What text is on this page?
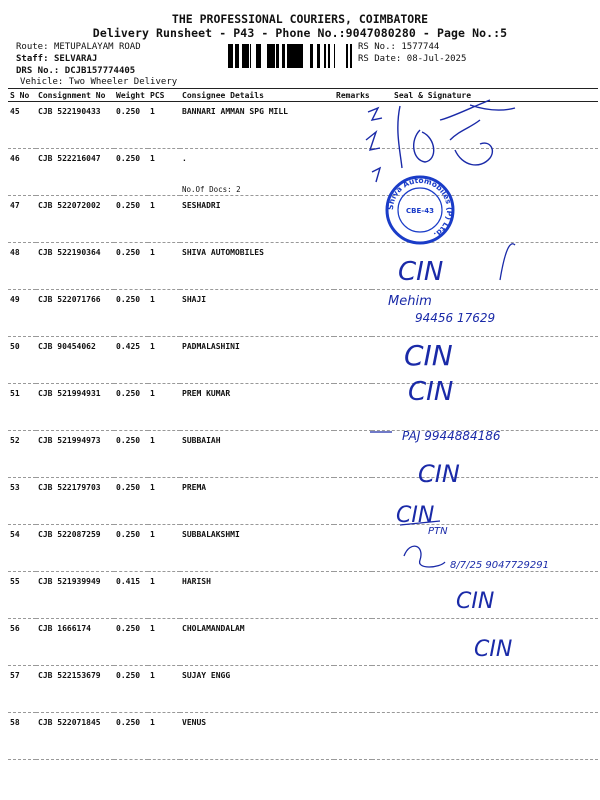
THE PROFESSIONAL COURIERS, COIMBATORE
Delivery Runsheet - P43 - Phone No.:9047080280 - Page No.:5
Route: METUPALAYAM ROAD
Staff: SELVARAJ
DRS No.: DCJB157774405
Vehicle: Two Wheeler Delivery
RS No.: 1577744
RS Date: 08-Jul-2025
S No	Consignment No	Weight	PCS	Consignee Details	Remarks	Seal & Signature
45	CJB 522190433	0.250	1	BANNARI AMMAN SPG MILL		
46	CJB 522216047	0.250	1	.
No.Of Docs: 2		

47	CJB 522072002	0.250	1	SESHADRI		
48	CJB 522190364	0.250	1	SHIVA AUTOMOBILES		
49	CJB 522071766	0.250	1	SHAJI		
50	CJB 90454062	0.425	1	PADMALASHINI		
51	CJB 521994931	0.250	1	PREM KUMAR		
52	CJB 521994973	0.250	1	SUBBAIAH		
53	CJB 522179703	0.250	1	PREMA		
54	CJB 522087259	0.250	1	SUBBALAKSHMI		
55	CJB 521939949	0.415	1	HARISH		
56	CJB 1666174	0.250	1	CHOLAMANDALAM		
57	CJB 522153679	0.250	1	SUJAY ENGG		
58	CJB 522071845	0.250	1	VENUS		
Shiva Automobiles (P) Ltd.
CBE-43
CIN
Mehim
94456 17629
CIN
CIN
PAJ 9944884186
CIN
CIN
PTN
8/7/25 9047729291
CIN
CIN
